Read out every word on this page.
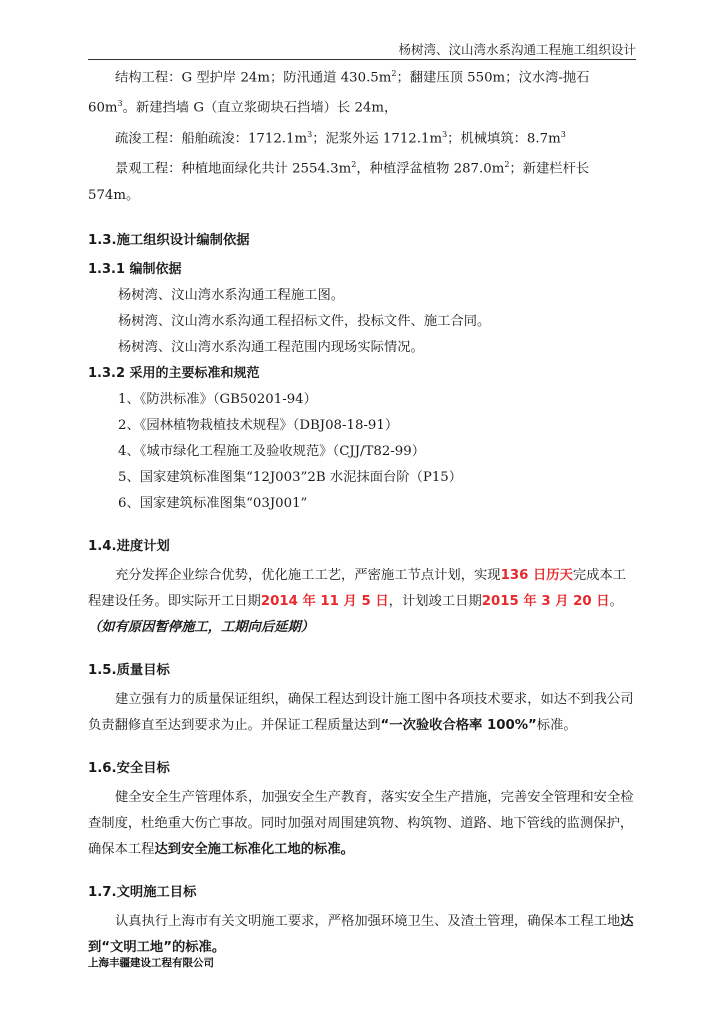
杨树湾、汶山湾水系沟通工程施工组织设计

结构工程：G 型护岸 24m；防汛通道 $430.5m^2$；翻建压顶 550m；汶水湾-抛石 $60m^3$。新建挡墙 G（直立浆砌块石挡墙）长 24m，

疏浚工程：船舶疏浚：$1712.1m^3$；泥浆外运 $1712.1m^3$；机械填筑：$8.7m^3$

景观工程：种植地面绿化共计 $2554.3m^2$，种植浮盆植物 $287.0m^2$；新建栏杆长 574m。

1.3.施工组织设计编制依据

1.3.1 编制依据

杨树湾、汶山湾水系沟通工程施工图。

杨树湾、汶山湾水系沟通工程招标文件，投标文件、施工合同。

杨树湾、汶山湾水系沟通工程范围内现场实际情况。

1.3.2 采用的主要标准和规范

1、《防洪标准》（GB50201-94）

2、《园林植物栽植技术规程》（DBJ08-18-91）

4、《城市绿化工程施工及验收规范》（CJJ/T82-99）

5、国家建筑标准图集“12J003”2B 水泥抹面台阶（P15）

6、国家建筑标准图集“03J001”

1.4.进度计划

充分发挥企业综合优势，优化施工工艺，严密施工节点计划，实现136 日历天完成本工程建设任务。即实际开工日期2014 年 11 月 5 日，计划竣工日期2015 年 3 月 20 日。（如有原因暂停施工，工期向后延期）

1.5.质量目标

建立强有力的质量保证组织，确保工程达到设计施工图中各项技术要求，如达不到我公司负责翻修直至达到要求为止。并保证工程质量达到“一次验收合格率 100%”标准。

1.6.安全目标

健全安全生产管理体系，加强安全生产教育，落实安全生产措施，完善安全管理和安全检查制度，杜绝重大伤亡事故。同时加强对周围建筑物、构筑物、道路、地下管线的监测保护，确保本工程达到安全施工标准化工地的标准。

1.7.文明施工目标

认真执行上海市有关文明施工要求，严格加强环境卫生、及渣土管理，确保本工程工地达到“文明工地”的标准。

上海丰疆建设工程有限公司
